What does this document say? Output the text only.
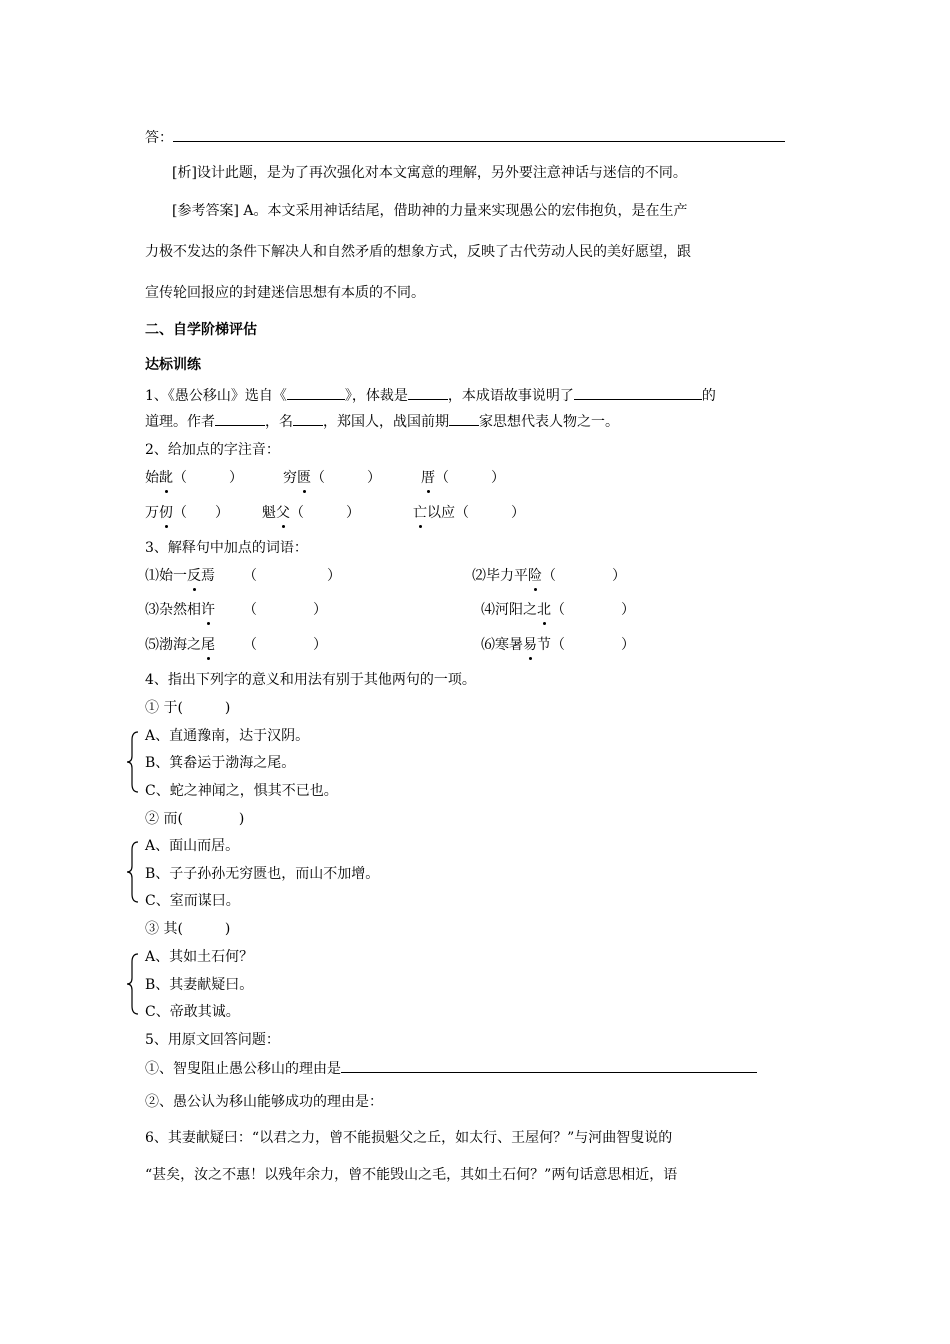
答：
[析]设计此题，是为了再次强化对本文寓意的理解，另外要注意神话与迷信的不同。
[参考答案] A。本文采用神话结尾，借助神的力量来实现愚公的宏伟抱负，是在生产
力极不发达的条件下解决人和自然矛盾的想象方式，反映了古代劳动人民的美好愿望，跟
宣传轮回报应的封建迷信思想有本质的不同。
二、自学阶梯评估
达标训练
1、《愚公移山》选自《	》，体裁是	，本成语故事说明了	的
道理。作者	，名 ，郑国人，战国前期 家思想代表人物之一。
2、给加点的字注音：
始龀（　　　）	穷匮（　　　）	厝（　　　）
万仞（　　） 魁父（　　　）	亡以应（　　　）
3、解释句中加点的词语：
⑴始一反焉　　 （　　　　　）	⑵毕力平险（　　　　）
⑶杂然相许　　 （　　　　）	⑷河阳之北（　　　　）
⑸渤海之尾　　 （　　　　）	⑹寒暑易节（　　　　）
4、指出下列字的意义和用法有别于其他两句的一项。
① 于(　　　)
A、直通豫南，达于汉阴。
B、箕畚运于渤海之尾。
C、蛇之神闻之，惧其不已也。
② 而(　　　　)
A、面山而居。
B、子子孙孙无穷匮也，而山不加增。
C、室而谋曰。
③ 其(　　　)
A、其如土石何？
B、其妻献疑曰。
C、帝敢其诚。
5、用原文回答问题：
①、智叟阻止愚公移山的理由是
②、愚公认为移山能够成功的理由是：
6、其妻献疑曰：“以君之力，曾不能损魁父之丘，如太行、王屋何？”与河曲智叟说的
“甚矣，汝之不惠！以残年余力，曾不能毁山之毛，其如土石何？”两句话意思相近，语
